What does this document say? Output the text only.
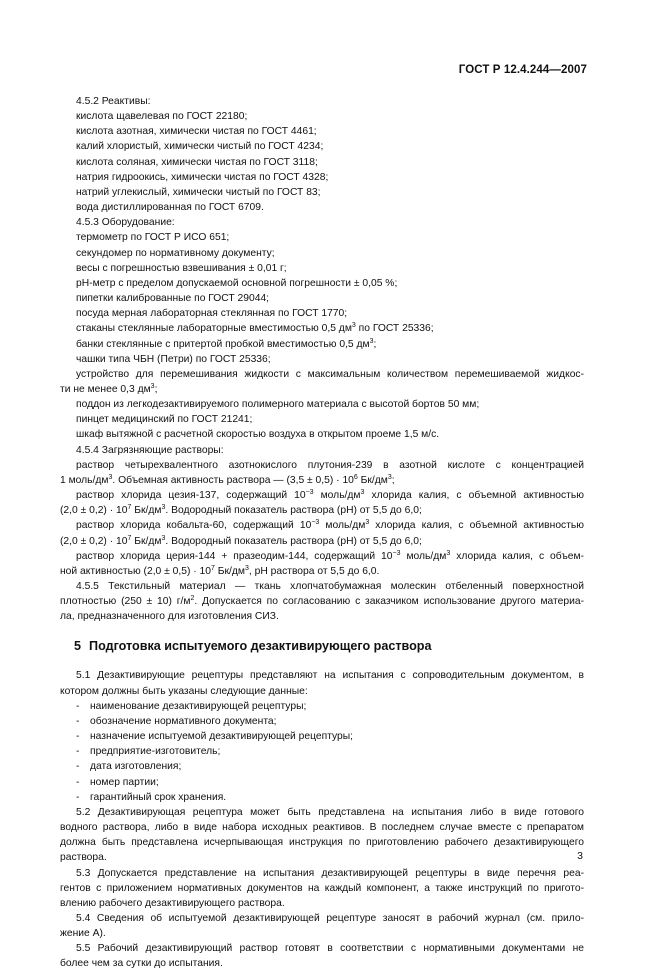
ГОСТ Р 12.4.244—2007

4.5.2 Реактивы:

кислота щавелевая по ГОСТ 22180;

кислота азотная, химически чистая по ГОСТ 4461;

калий хлористый, химически чистый по ГОСТ 4234;

кислота соляная, химически чистая по ГОСТ 3118;

натрия гидроокись, химически чистая по ГОСТ 4328;

натрий углекислый, химически чистый по ГОСТ 83;

вода дистиллированная по ГОСТ 6709.

4.5.3 Оборудование:

термометр по ГОСТ Р ИСО 651;

секундомер по нормативному документу;

весы с погрешностью взвешивания ± 0,01 г;

pH-метр с пределом допускаемой основной погрешности ± 0,05 %;

пипетки калиброванные по ГОСТ 29044;

посуда мерная лабораторная стеклянная по ГОСТ 1770;

стаканы стеклянные лабораторные вместимостью 0,5 $дм^3$ по ГОСТ 25336;

банки стеклянные с притертой пробкой вместимостью 0,5 $дм^3$;

чашки типа ЧБН (Петри) по ГОСТ 25336;

устройство для перемешивания жидкости с максимальным количеством перемешиваемой жидкос-

ти не менее 0,3 $дм^3$;

поддон из легкодезактивируемого полимерного материала с высотой бортов 50 мм;

пинцет медицинский по ГОСТ 21241;

шкаф вытяжной с расчетной скоростью воздуха в открытом проеме 1,5 м/с.

4.5.4 Загрязняющие растворы:

раствор четырехвалентного азотнокислого плутония-239 в азотной кислоте с концентрацией

1 моль/$дм^3$. Объемная активность раствора — $(3,5 \pm 0,5) \cdot 10^6$ $Бк/дм^3$;

раствор хлорида цезия-137, содержащий $10^{-3}$ моль/$дм^3$ хлорида калия, с объемной активностью

$(2,0 \pm 0,2) \cdot 10^7$ $Бк/дм^3$. Водородный показатель раствора (pH) от 5,5 до 6,0;

раствор хлорида кобальта-60, содержащий $10^{-3}$ моль/$дм^3$ хлорида калия, с объемной активностью

$(2,0 \pm 0,2) \cdot 10^7$ $Бк/дм^3$. Водородный показатель раствора (pH) от 5,5 до 6,0;

раствор хлорида церия-144 + празеодим-144, содержащий $10^{-3}$ моль/$дм^3$ хлорида калия, с объем-

ной активностью $(2,0 \pm 0,5) \cdot 10^7$ $Бк/дм^3$, pH раствора от 5,5 до 6,0.

4.5.5 Текстильный материал — ткань хлопчатобумажная молескин отбеленный поверхностной

плотностью (250 ± 10) $г/м^2$. Допускается по согласованию с заказчиком использование другого материа-

ла, предназначенного для изготовления СИЗ.

5 Подготовка испытуемого дезактивирующего раствора

5.1 Дезактивирующие рецептуры представляют на испытания с сопроводительным документом, в

котором должны быть указаны следующие данные:

- наименование дезактивирующей рецептуры;

- обозначение нормативного документа;

- назначение испытуемой дезактивирующей рецептуры;

- предприятие-изготовитель;

- дата изготовления;

- номер партии;

- гарантийный срок хранения.

5.2 Дезактивирующая рецептура может быть представлена на испытания либо в виде готового

водного раствора, либо в виде набора исходных реактивов. В последнем случае вместе с препаратом

должна быть представлена исчерпывающая инструкция по приготовлению рабочего дезактивирующего

раствора.

5.3 Допускается представление на испытания дезактивирующей рецептуры в виде перечня реа-

гентов с приложением нормативных документов на каждый компонент, а также инструкций по пригото-

влению рабочего дезактивирующего раствора.

5.4 Сведения об испытуемой дезактивирующей рецептуре заносят в рабочий журнал (см. прило-

жение А).

5.5 Рабочий дезактивирующий раствор готовят в соответствии с нормативными документами не

более чем за сутки до испытания.

3
